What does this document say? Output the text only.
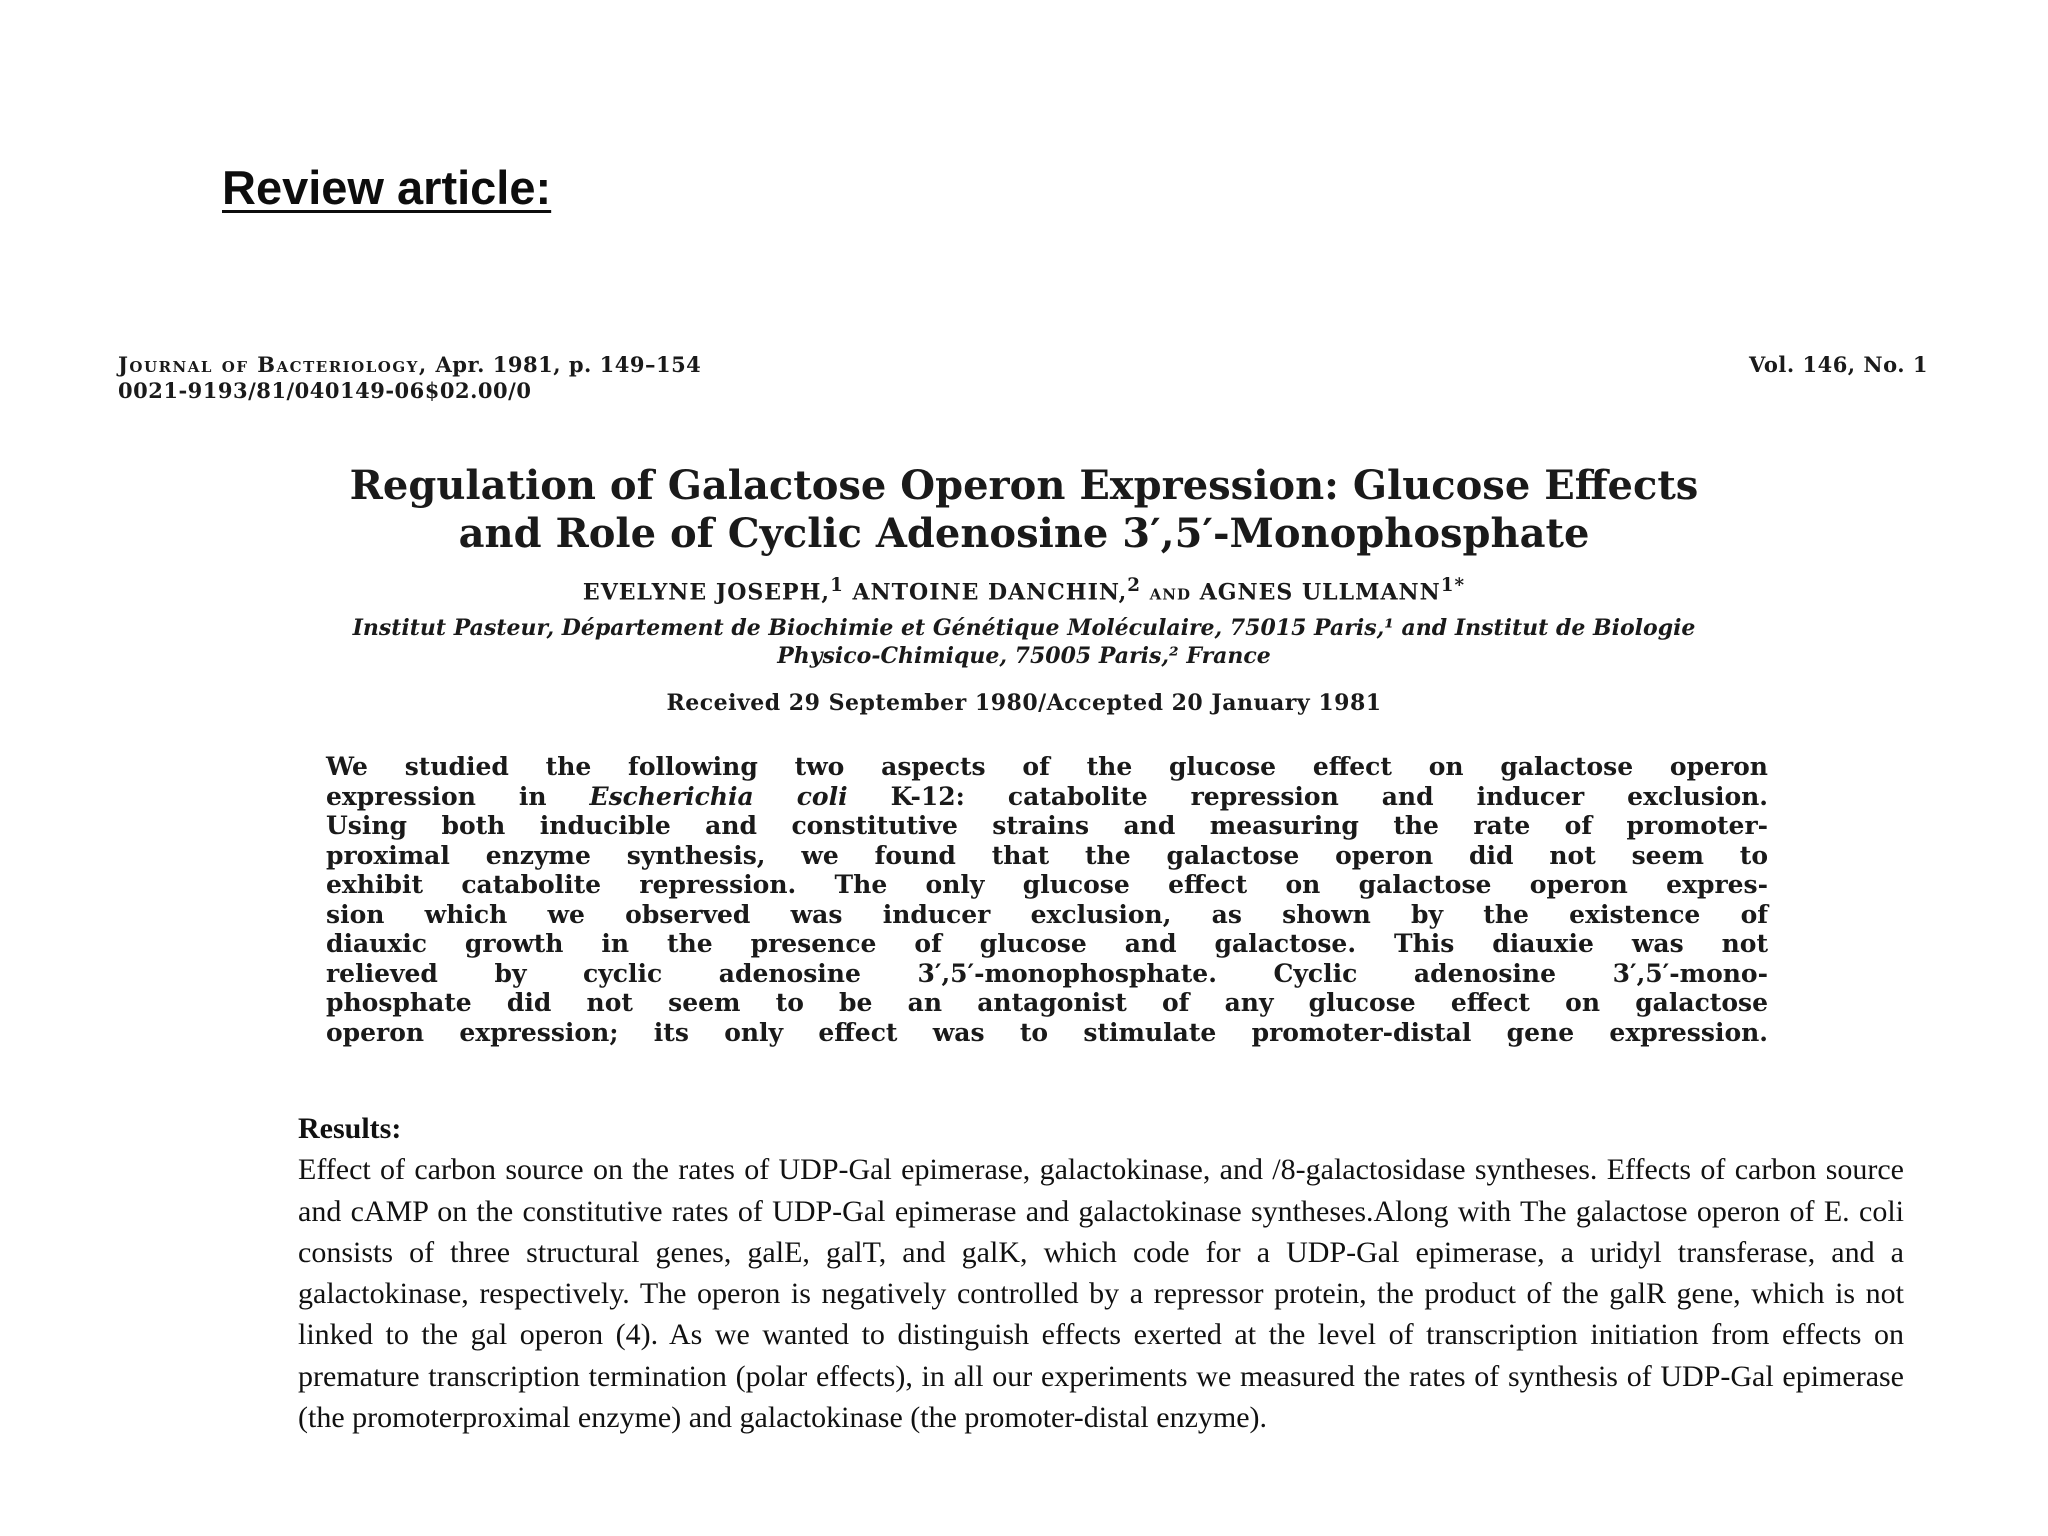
Review article:
Journal of Bacteriology, Apr. 1981, p. 149–154
0021-9193/81/040149-06$02.00/0
Vol. 146, No. 1
Regulation of Galactose Operon Expression: Glucose Effects
and Role of Cyclic Adenosine 3′,5′-Monophosphate
EVELYNE JOSEPH,$^1$ ANTOINE DANCHIN,$^2$ and AGNES $ULLMANN^{1*}$
Institut Pasteur, Département de Biochimie et Génétique Moléculaire, 75015 Paris,¹ and Institut de Biologie
Physico-Chimique, 75005 Paris,² France
Received 29 September 1980/Accepted 20 January 1981
We studied the following two aspects of the glucose effect on galactose operon
expression in Escherichia coli K-12: catabolite repression and inducer exclusion.
Using both inducible and constitutive strains and measuring the rate of promoter-
proximal enzyme synthesis, we found that the galactose operon did not seem to
exhibit catabolite repression. The only glucose effect on galactose operon expres-
sion which we observed was inducer exclusion, as shown by the existence of
diauxic growth in the presence of glucose and galactose. This diauxie was not
relieved by cyclic adenosine 3′,5′-monophosphate. Cyclic adenosine 3′,5′-mono-
phosphate did not seem to be an antagonist of any glucose effect on galactose
operon expression; its only effect was to stimulate promoter-distal gene expression.

Results:

Effect of carbon source on the rates of UDP-Gal epimerase, galactokinase, and /8-galactosidase syntheses. Effects of carbon source and cAMP on the constitutive rates of UDP-Gal epimerase and galactokinase syntheses.Along with The galactose operon of E. coli consists of three structural genes, galE, galT, and galK, which code for a UDP-Gal epimerase, a uridyl transferase, and a galactokinase, respectively. The operon is negatively controlled by a repressor protein, the product of the galR gene, which is not linked to the gal operon (4). As we wanted to distinguish effects exerted at the level of transcription initiation from effects on premature transcription termination (polar effects), in all our experiments we measured the rates of synthesis of UDP-Gal epimerase (the promoterproximal enzyme) and galactokinase (the promoter-distal enzyme).
